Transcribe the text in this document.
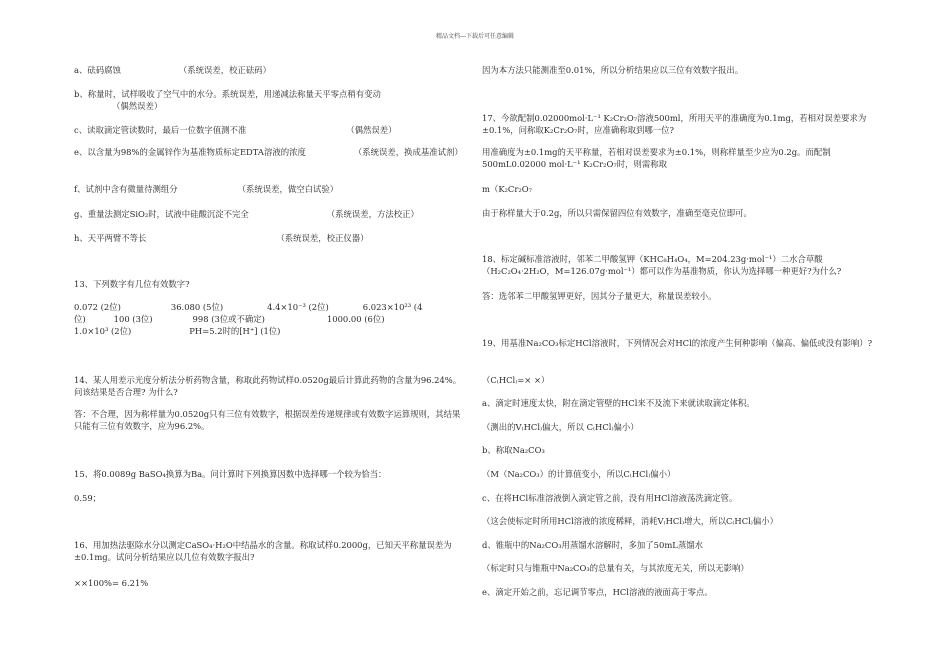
精品文档---下载后可任意编辑

a、砝码腐蚀	（系统误差，校正砝码）

b、称量时，试样吸收了空气中的水分。系统误差，用递减法称量天平零点稍有变动

（偶然误差）

c、读取滴定管读数时，最后一位数字值测不准	（偶然误差）

e、以含量为98%的金属锌作为基准物质标定EDTA溶液的浓度	（系统误差，换成基准试剂）

f、试剂中含有微量待测组分	（系统误差，做空白试验）

g、重量法测定SiO₂时，试液中硅酸沉淀不完全	（系统误差，方法校正）

h、天平两臂不等长	（系统误差，校正仪器）

13、下列数字有几位有效数字?

0.072 (2位)	36.080 (5位)	4.4×10⁻³ (2位)	6.023×10²³ (4

位)	100 (3位)	998 (3位或不确定)	1000.00 (6位)

1.0×10³ (2位)	PH=5.2时的[H⁺] (1位)

14、某人用差示光度分析法分析药物含量，称取此药物试样0.0520g最后计算此药物的含量为96.24%。问该结果是否合理? 为什么?

答：不合理，因为称样量为0.0520g只有三位有效数字，根据误差传递规律或有效数字运算规则，其结果只能有三位有效数字，应为96.2%。

15、将0.0089g BaSO₄换算为Ba。问计算时下列换算因数中选择哪一个较为恰当：

0.59；

16、用加热法驱除水分以测定CaSO₄·H₂O中结晶水的含量。称取试样0.2000g，已知天平称量误差为±0.1mg。试问分析结果应以几位有效数字报出?

××100%= 6.21%

因为本方法只能测准至0.01%，所以分析结果应以三位有效数字报出。

17、今欲配制0.02000mol·L⁻¹ K₂Cr₂O₇溶液500ml，所用天平的准确度为0.1mg，若相对误差要求为±0.1%，问称取K₂Cr₂O₇时，应准确称取到哪一位?

用准确度为±0.1mg的天平称量，若相对误差要求为±0.1%，则称样量至少应为0.2g。而配制500mL0.02000 mol·L⁻¹ K₂Cr₂O₇时，则需称取

m（K₂Cr₂O₇

由于称样量大于0.2g，所以只需保留四位有效数字，准确至毫克位即可。

18、标定碱标准溶液时，邻苯二甲酸氢钾（KHC₈H₄O₄，M=204.23g·mol⁻¹）二水合草酸（H₂C₂O₄·2H₂O，M=126.07g·mol⁻¹）都可以作为基准物质，你认为选择哪一种更好?为什么?

答：选邻苯二甲酸氢钾更好，因其分子量更大，称量误差较小。

19、用基准Na₂CO₃标定HCl溶液时，下列情况会对HCl的浓度产生何种影响（偏高、偏低或没有影响）?

（C₍HCl₎=× ×）

a、滴定时速度太快，附在滴定管壁的HCl来不及流下来就读取滴定体积。

（测出的V₍HCl₎偏大，所以 C₍HCl₎偏小）

b、称取Na₂CO₃

（M（Na₂CO₃）的计算值变小，所以C₍HCl₎偏小）

c、在将HCl标准溶液倒入滴定管之前，没有用HCl溶液荡洗滴定管。

（这会使标定时所用HCl溶液的浓度稀释，消耗V₍HCl₎增大，所以C₍HCl₎偏小）

d、锥瓶中的Na₂CO₃用蒸馏水溶解时，多加了50mL蒸馏水

（标定时只与锥瓶中Na₂CO₃的总量有关，与其浓度无关，所以无影响）

e、滴定开始之前，忘记调节零点，HCl溶液的液面高于零点。
